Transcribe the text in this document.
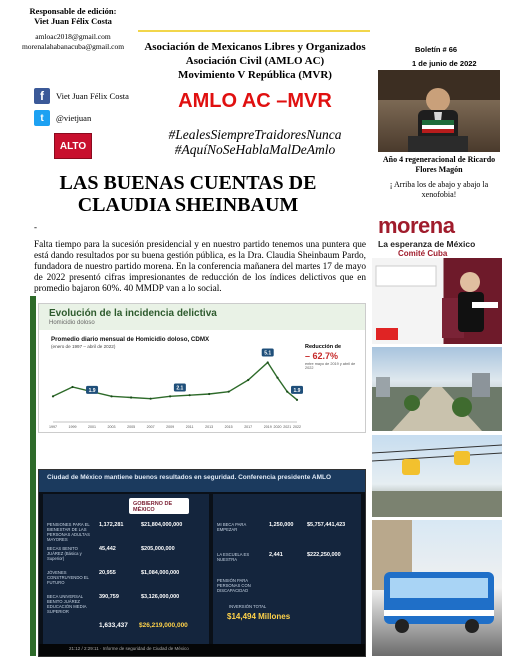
Responsable de edición:
Viet Juan Félix Costa
amloac2018@gmail.com
morenalahabanacuba@gmail.com
f	Viet Juan Félix Costa
t	@vietjuan
ALTO
Asociación de Mexicanos Libres y Organizados
Asociación Civil (AMLO AC)
Movimiento V República (MVR)
AMLO AC –MVR
#LealesSiempreTraidoresNunca
#AquíNoSeHablaMalDeAmlo
Boletín # 66
1 de junio de 2022
Año 4 regeneracional de Ricardo Flores Magón
¡ Arriba los de abajo y abajo la xenofobia!
morena
La esperanza de México
Comité Cuba
LAS BUENAS CUENTAS DE
CLAUDIA SHEINBAUM
-
Falta tiempo para la sucesión presidencial y en nuestro partido tenemos una puntera que está dando resultados por su buena gestión pública, es la Dra. Claudia Sheinbaum Pardo, fundadora de nuestro partido morena. En la conferencia mañanera del martes 17 de mayo de 2022 presentó cifras impresionantes de reducción de los índices delictivos que en promedio bajaron 60%. 40 MMDP van a lo social.
Evolución de la incidencia delictiva
Homicidio doloso
Promedio diario mensual de Homicidio doloso, CDMX
(enero de 1997 – abril de 2022)	Reducción de
– 62.7%
entre mayo de 2019 y abril de 2022
1997	1999	2001	2003	2005	2007	2009	2011	2013	2015	2017	2019 2020 2021 2022
1.9	2.1
5.1
1.9
Ciudad de México mantiene buenos resultados en seguridad. Conferencia presidente AMLO
GOBIERNO DE MÉXICO
PENSIONES PARA EL BIENESTAR DE LAS PERSONAS ADULTAS MAYORES
1,172,281	$21,804,000,000
BECAS BENITO JUÁREZ (Básica y Superior)
45,442	$205,000,000
JÓVENES CONSTRUYENDO EL FUTURO
20,955	$1,084,000,000
BECA UNIVERSAL BENITO JUÁREZ EDUCACIÓN MEDIA SUPERIOR
390,759	$3,126,000,000
1,633,437 $26,219,000,000
MI BECA PARA EMPEZAR
1,250,000 $5,757,441,423
LA ESCUELA ES NUESTRA
2,441	$222,250,000
PENSIÓN PARA PERSONAS CON DISCAPACIDAD
INVERSIÓN TOTAL
$14,494 Millones
21:12 / 2:29:11 · Informe de seguridad de Ciudad de México
